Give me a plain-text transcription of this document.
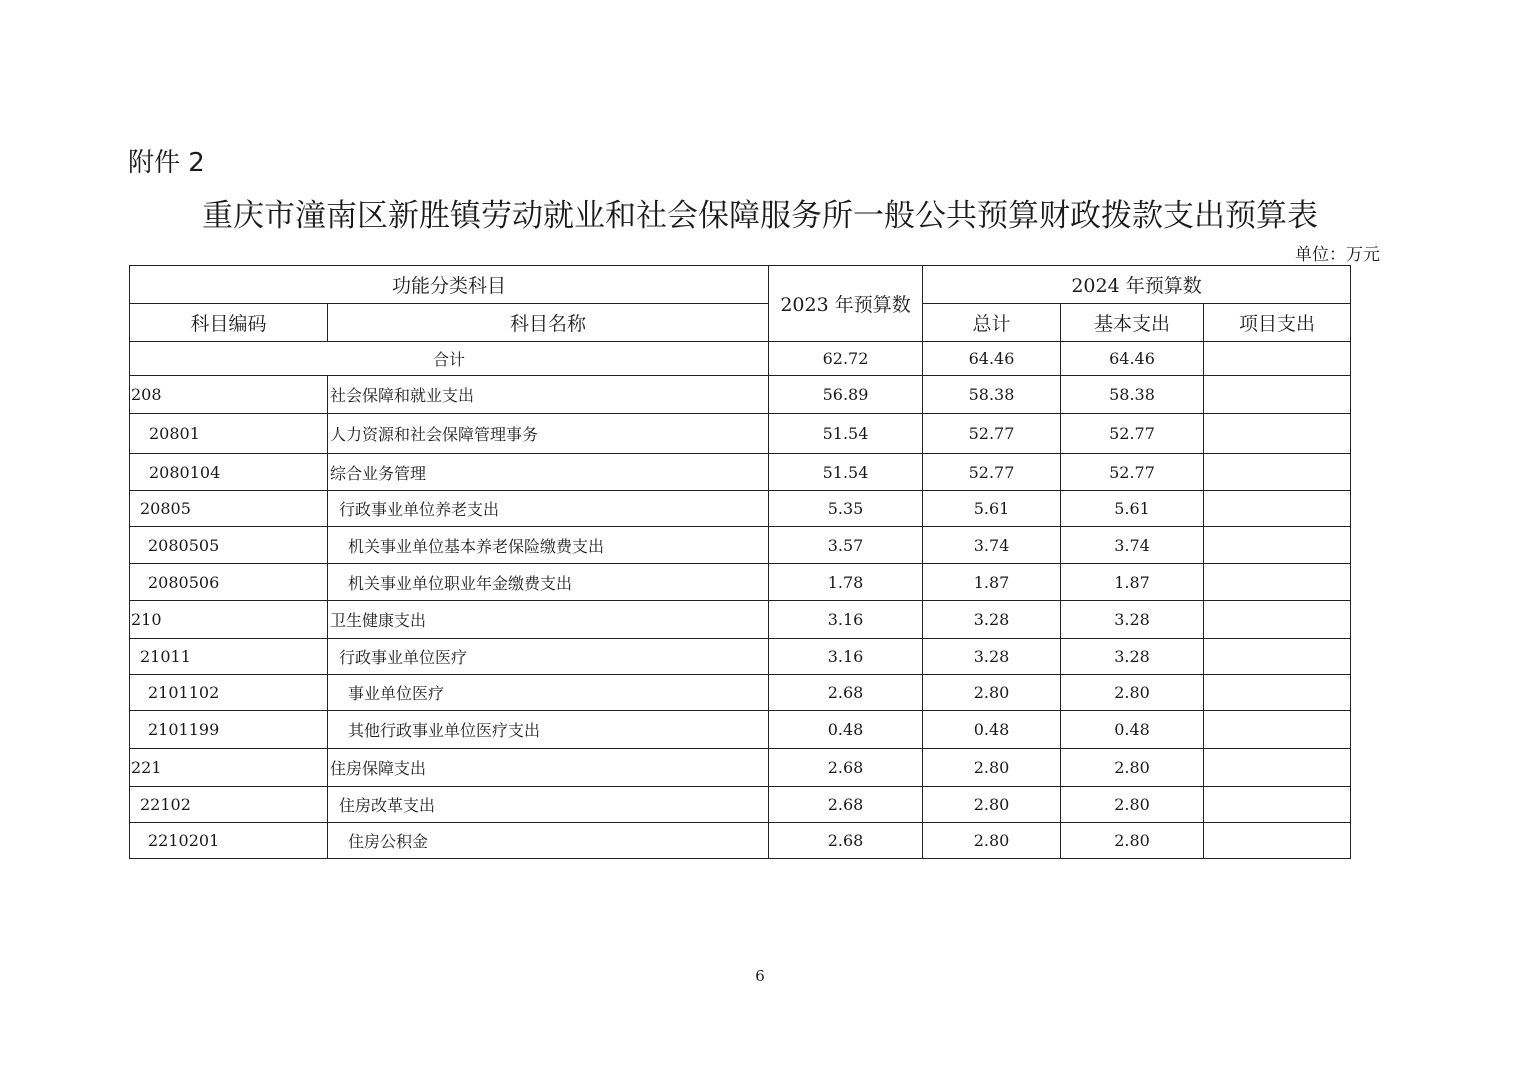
附件 2
重庆市潼南区新胜镇劳动就业和社会保障服务所一般公共预算财政拨款支出预算表
单位：万元
功能分类科目		2023 年预算数	2024 年预算数		
科目编码	科目名称		总计	基本支出	项目支出
合计		62.72	64.46	64.46	
208	社会保障和就业支出	56.89	58.38	58.38	
20801	人力资源和社会保障管理事务	51.54	52.77	52.77	
2080104	综合业务管理	51.54	52.77	52.77	
20805	行政事业单位养老支出	5.35	5.61	5.61	
2080505	机关事业单位基本养老保险缴费支出	3.57	3.74	3.74	
2080506	机关事业单位职业年金缴费支出	1.78	1.87	1.87	
210	卫生健康支出	3.16	3.28	3.28	
21011	行政事业单位医疗	3.16	3.28	3.28	
2101102	事业单位医疗	2.68	2.80	2.80	
2101199	其他行政事业单位医疗支出	0.48	0.48	0.48	
221	住房保障支出	2.68	2.80	2.80	
22102	住房改革支出	2.68	2.80	2.80	
2210201	住房公积金	2.68	2.80	2.80	
6
